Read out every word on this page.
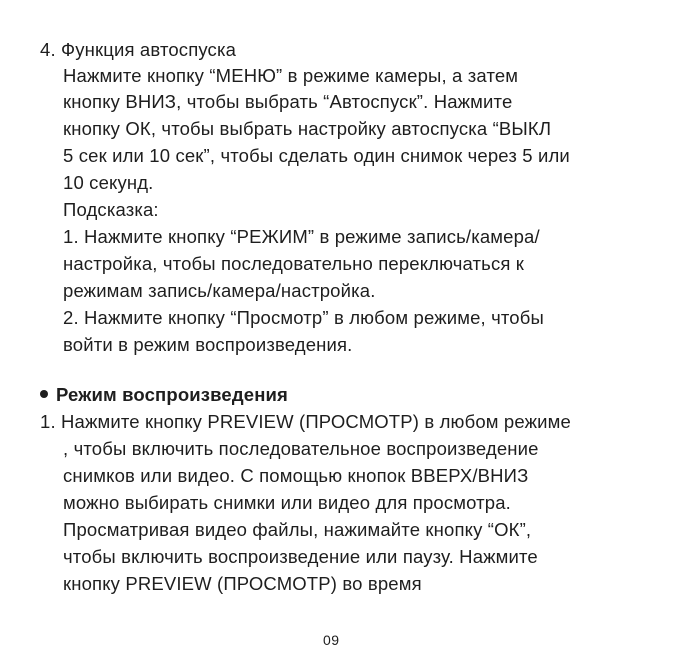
4. Функция автоспуска
Нажмите кнопку “МЕНЮ” в режиме камеры, а затем
кнопку ВНИЗ, чтобы выбрать “Автоспуск”. Нажмите
кнопку ОК, чтобы выбрать настройку автоспуска “ВЫКЛ
5 сек или 10 сек”, чтобы сделать один снимок через 5 или
10 секунд.
Подсказка:
1. Нажмите кнопку “РЕЖИМ” в режиме запись/камера/
настройка, чтобы последовательно переключаться к
режимам запись/камера/настройка.
2. Нажмите кнопку “Просмотр” в любом режиме, чтобы
войти в режим воспроизведения.
Режим воспроизведения
1. Нажмите кнопку PREVIEW (ПРОСМОТР) в любом режиме
, чтобы включить последовательное воспроизведение
снимков или видео. С помощью кнопок ВВЕРХ/ВНИЗ
можно выбирать снимки или видео для просмотра.
Просматривая видео файлы, нажимайте кнопку “ОК”,
чтобы включить воспроизведение или паузу. Нажмите
кнопку PREVIEW (ПРОСМОТР) во время
09
